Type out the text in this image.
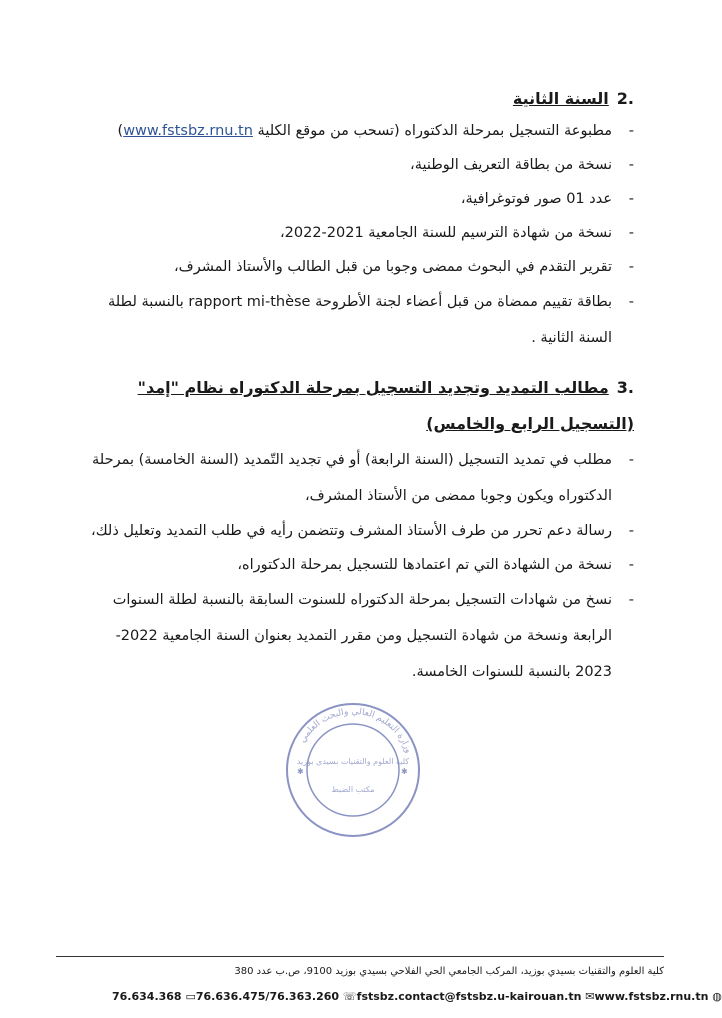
.2السنة الثانية

- مطبوعة التسجيل بمرحلة الدكتوراه (تسحب من موقع الكلية www.fstsbz.rnu.tn)
- نسخة من بطاقة التعريف الوطنية،
- عدد 01 صور فوتوغرافية،
- نسخة من شهادة الترسيم للسنة الجامعية 2021-2022،
- تقرير التقدم في البحوث ممضى وجوبا من قبل الطالب والأستاذ المشرف،
- بطاقة تقييم ممضاة من قبل أعضاء لجنة الأطروحة rapport mi-thèse بالنسبة لطلة السنة الثانية .

.3مطالب التمديد وتجديد التسجيل بمرحلة الدكتوراه نظام "إمد" (التسجيل الرابع والخامس)

- مطلب في تمديد التسجيل (السنة الرابعة) أو في تجديد التّمديد (السنة الخامسة) بمرحلة الدكتوراه ويكون وجوبا ممضى من الأستاذ المشرف،
- رسالة دعم تحرر من طرف الأستاذ المشرف وتتضمن رأيه في طلب التمديد وتعليل ذلك،
- نسخة من الشهادة التي تم اعتمادها للتسجيل بمرحلة الدكتوراه،
- نسخ من شهادات التسجيل بمرحلة الدكتوراه للسنوت السابقة بالنسبة لطلة السنوات الرابعة ونسخة من شهادة التسجيل ومن مقرر التمديد بعنوان السنة الجامعية 2022-2023 بالنسبة للسنوات الخامسة.
وزارة التعليم العالي والبحث العلمي
كلية العلوم والتقنيات بسيدي بوزيد
مكتب الضبط
✱	✱
كلية العلوم والتقنيات بسيدي بوزيد، المركب الجامعي الحي الفلاحي بسيدي بوزيد 9100، ص.ب عدد 380
76.634.368 ▭ 76.636.475/76.363.260 ☏ fstsbz.contact@fstsbz.u-kairouan.tn ✉ www.fstsbz.rnu.tn ◍
